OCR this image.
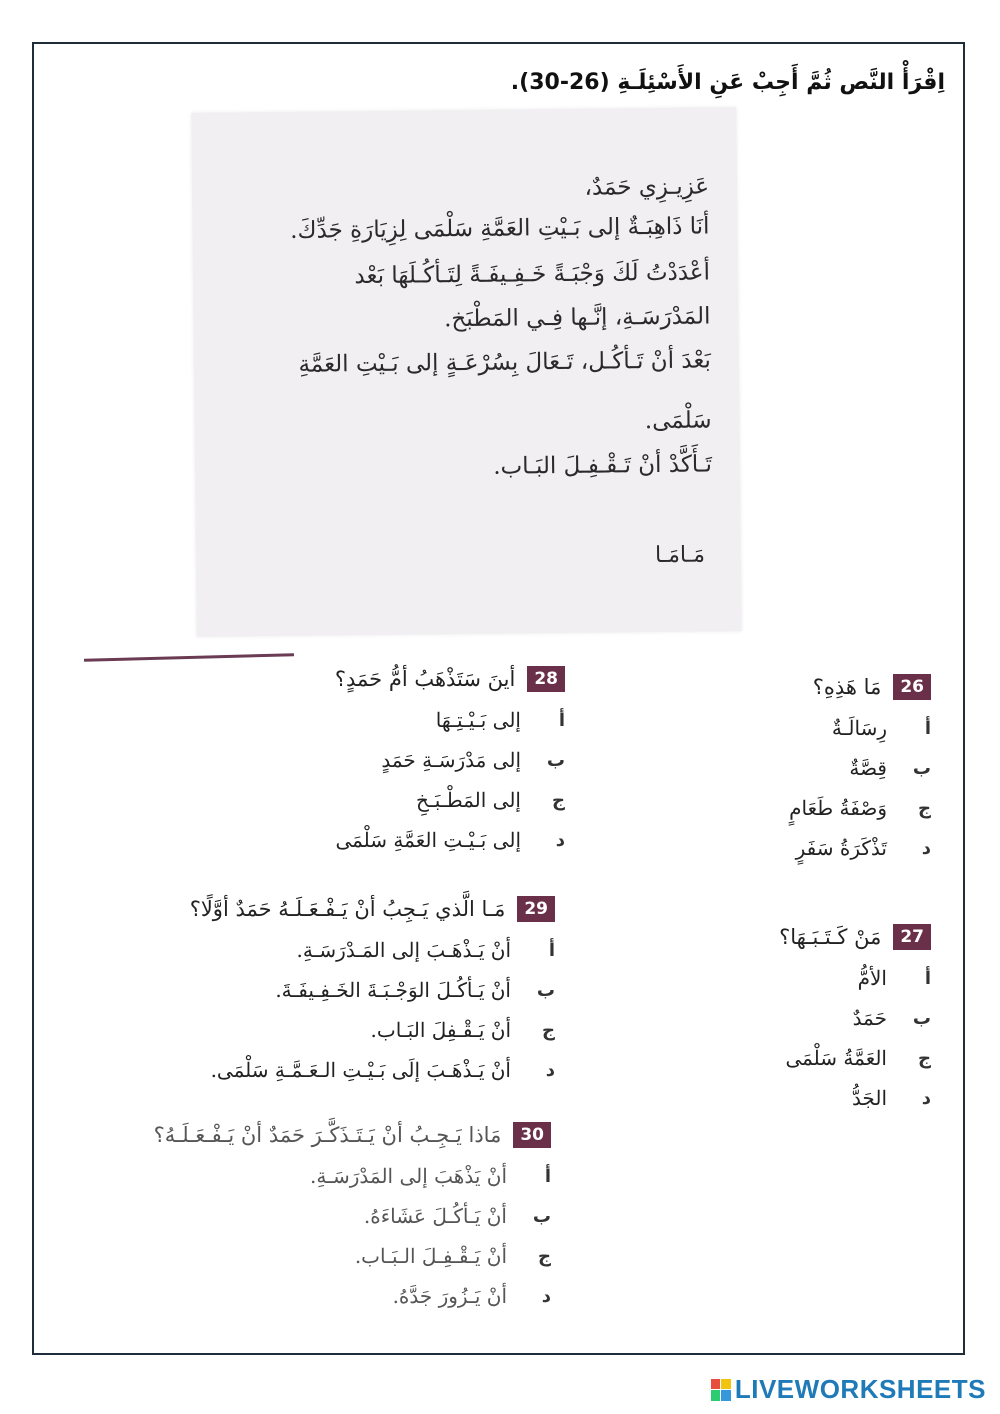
اِقْرَأْ النَّص ثُمَّ أَجِبْ عَنِ الأَسْئِلَـةِ (26-30).
عَزِيـزِي حَمَدٌ،
أنَا ذَاهِبَـةٌ إلى بَـيْتِ العَمَّةِ سَلْمَى لِزِيَارَةِ جَدِّكَ.
أعْدَدْتُ لَكَ وَجْبَـةً خَـفِـيفَـةً لِتَـأكُـلَهَا بَعْد
المَدْرَسَـةِ، إنَّـها فِـي المَطْبَخ.
بَعْدَ أنْ تَـأكُـل، تَـعَالَ بِسُرْعَـةٍ إلى بَـيْتِ العَمَّةِ
سَلْمَى.
تَـأَكَّدْ أنْ تَـقْـفِـلَ البَـاب.
مَـامَـا
26
مَا هَذِهِ؟
أ
رِسَالَـةٌ
ب
قِصَّةٌ
ج
وَصْفَةُ طَعَامٍ
د
تَذْكَرَةُ سَفَرٍ
27
مَنْ كَـتَـبَـهَا؟
أ
الأمُّ
ب
حَمَدٌ
ج
العَمَّةُ سَلْمَى
د
الجَدُّ
28
أينَ سَتَذْهَبُ أمُّ حَمَدٍ؟
أ
إلى بَـيْـتِـهَا
ب
إلى مَدْرَسَـةِ حَمَدٍ
ج
إلى المَطْـبَـخِ
د
إلى بَـيْـتِ العَمَّةِ سَلْمَى
29
مَـا الَّذي يَـجِبُ أنْ يَـفْـعَـلَـهُ حَمَدٌ أوَّلًا؟
أ
أنْ يَـذْهَـبَ إلى المَـدْرَسَـةِ.
ب
أنْ يَـأكُـلَ الوَجْـبَـةَ الخَـفِـيفَـةَ.
ج
أنْ يَـقْـفِلَ البَـاب.
د
أنْ يَـذْهَـبَ إلَى بَـيْـتِ الـعَـمَّـةِ سَلْمَى.
30
مَاذا يَـجِـبُ أنْ يَـتَـذَكَّـرَ حَمَدٌ أنْ يَـفْـعَـلَـهُ؟
أ
أنْ يَذْهَبَ إلى المَدْرَسَـةِ.
ب
أنْ يَـأكُـلَ عَشَاءَهُ.
ج
أنْ يَـقْـفِـلَ الـبَـاب.
د
أنْ يَـزُورَ جَدَّهُ.
LIVEWORKSHEETS
